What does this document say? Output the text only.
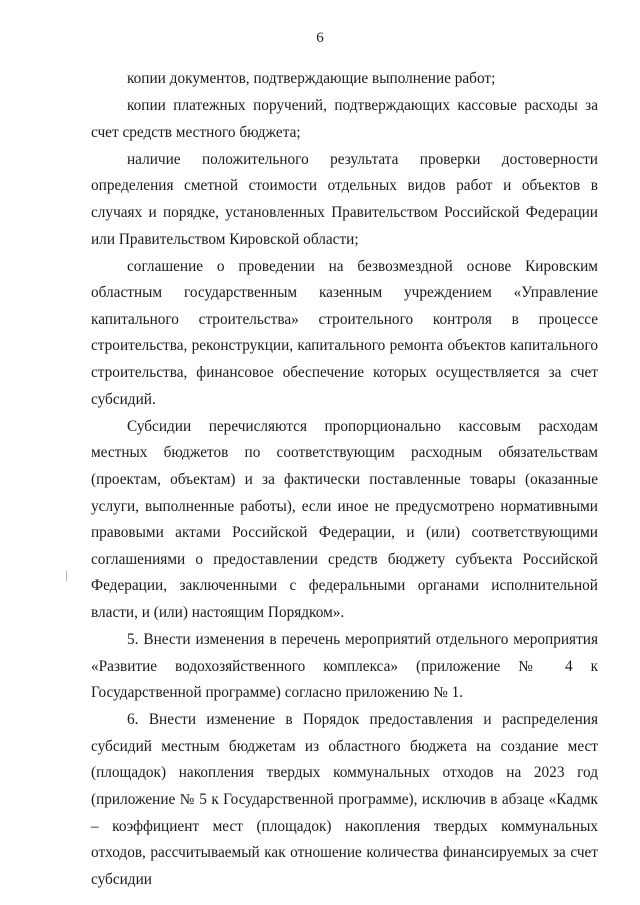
6

копии документов, подтверждающие выполнение работ;

копии платежных поручений, подтверждающих кассовые расходы за счет средств местного бюджета;

наличие положительного результата проверки достоверности определения сметной стоимости отдельных видов работ и объектов в случаях и порядке, установленных Правительством Российской Федерации или Правительством Кировской области;

соглашение о проведении на безвозмездной основе Кировским областным государственным казенным учреждением «Управление капитального строительства» строительного контроля в процессе строительства, реконструкции, капитального ремонта объектов капитального строительства, финансовое обеспечение которых осуществляется за счет субсидий.

Субсидии перечисляются пропорционально кассовым расходам местных бюджетов по соответствующим расходным обязательствам (проектам, объектам) и за фактически поставленные товары (оказанные услуги, выполненные работы), если иное не предусмотрено нормативными правовыми актами Российской Федерации, и (или) соответствующими соглашениями о предоставлении средств бюджету субъекта Российской Федерации, заключенными с федеральными органами исполнительной власти, и (или) настоящим Порядком».

5. Внести изменения в перечень мероприятий отдельного мероприятия «Развитие водохозяйственного комплекса» (приложение № 4 к Государственной программе) согласно приложению № 1.

6. Внести изменение в Порядок предоставления и распределения субсидий местным бюджетам из областного бюджета на создание мест (площадок) накопления твердых коммунальных отходов на 2023 год (приложение № 5 к Государственной программе), исключив в абзаце «Кадмк – коэффициент мест (площадок) накопления твердых коммунальных отходов, рассчитываемый как отношение количества финансируемых за счет субсидии
